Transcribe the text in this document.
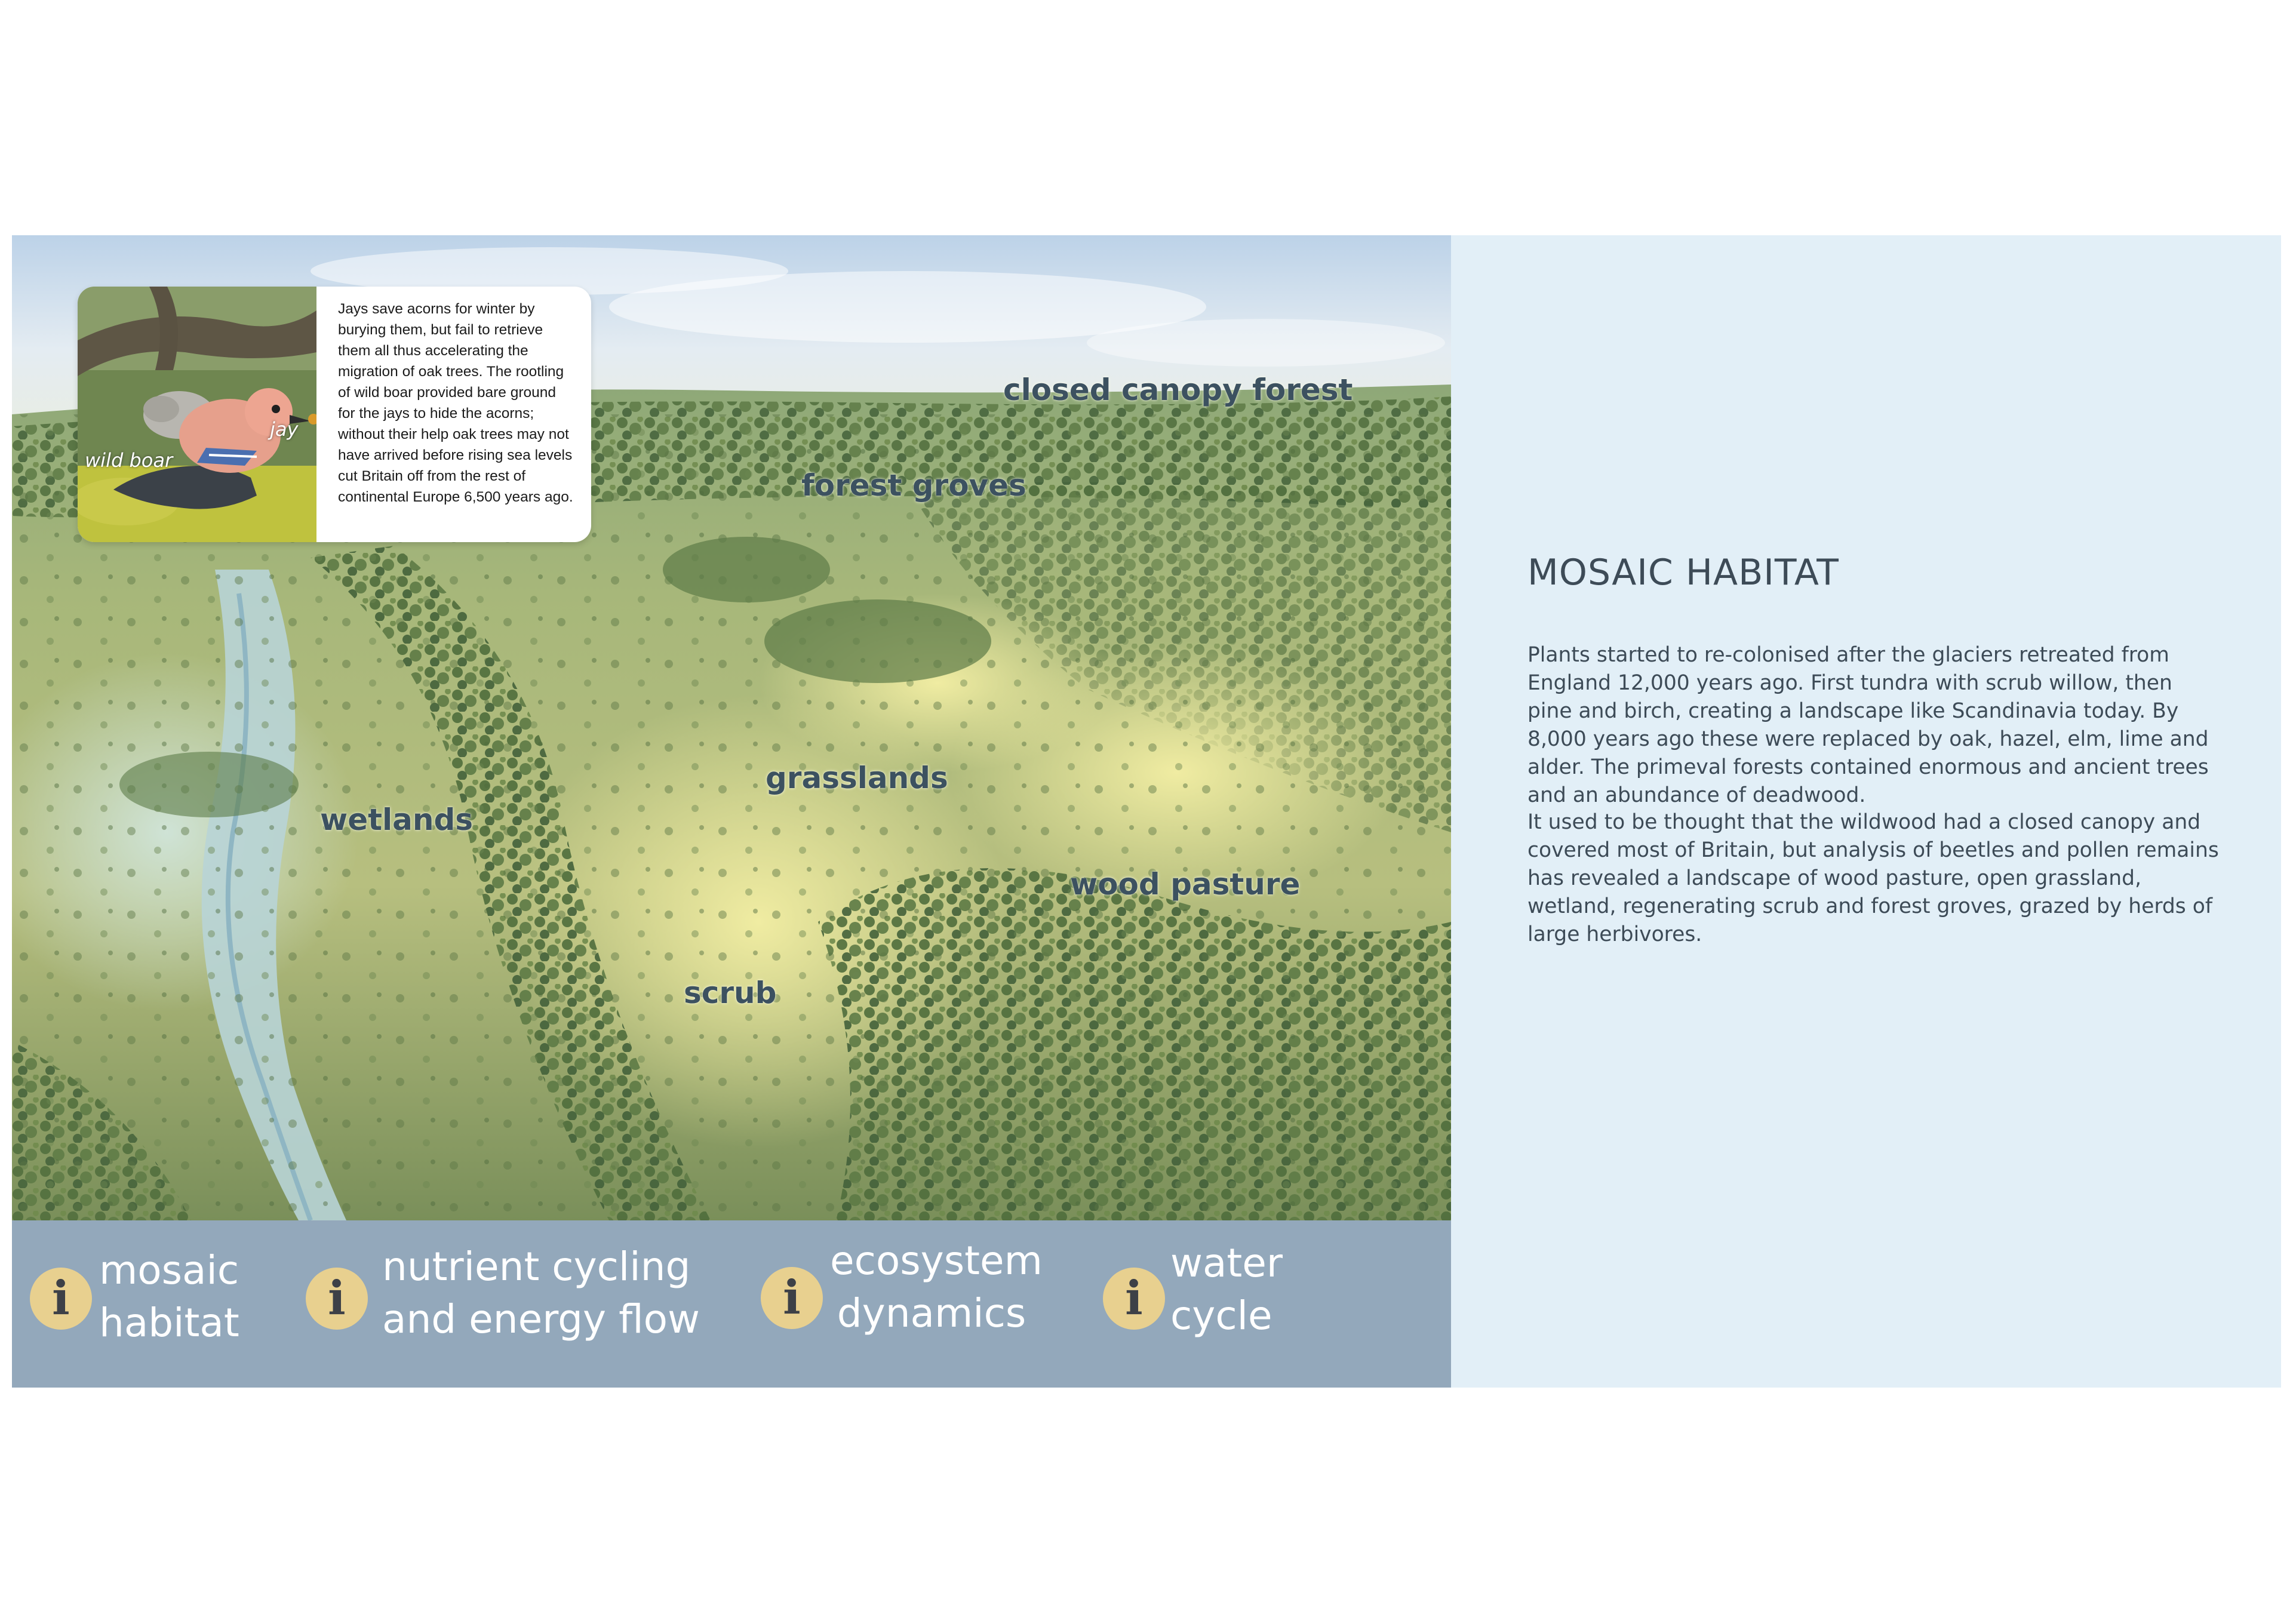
closed canopy forest
forest groves
grasslands
wetlands
wood pasture
scrub
jay
wild boar
Jays save acorns for winter by burying them, but fail to retrieve them all thus accelerating the migration of oak trees. The rootling of wild boar provided bare ground for the jays to hide the acorns; without their help oak trees may not have arrived before rising sea levels cut Britain off from the rest of continental Europe 6,500 years ago.
i
mosaic
habitat	i
nutrient cycling
and energy flow	i
ecosystem
dynamics	i
water
cycle
MOSAIC HABITAT
Plants started to re-colonised after the glaciers retreated from England 12,000 years ago. First tundra with scrub willow, then pine and birch, creating a landscape like Scandinavia today. By 8,000 years ago these were replaced by oak, hazel, elm, lime and alder. The primeval forests contained enormous and ancient trees and an abundance of deadwood.
It used to be thought that the wildwood had a closed canopy and covered most of Britain, but analysis of beetles and pollen remains has revealed a landscape of wood pasture, open grassland, wetland, regenerating scrub and forest groves, grazed by herds of large herbivores.
